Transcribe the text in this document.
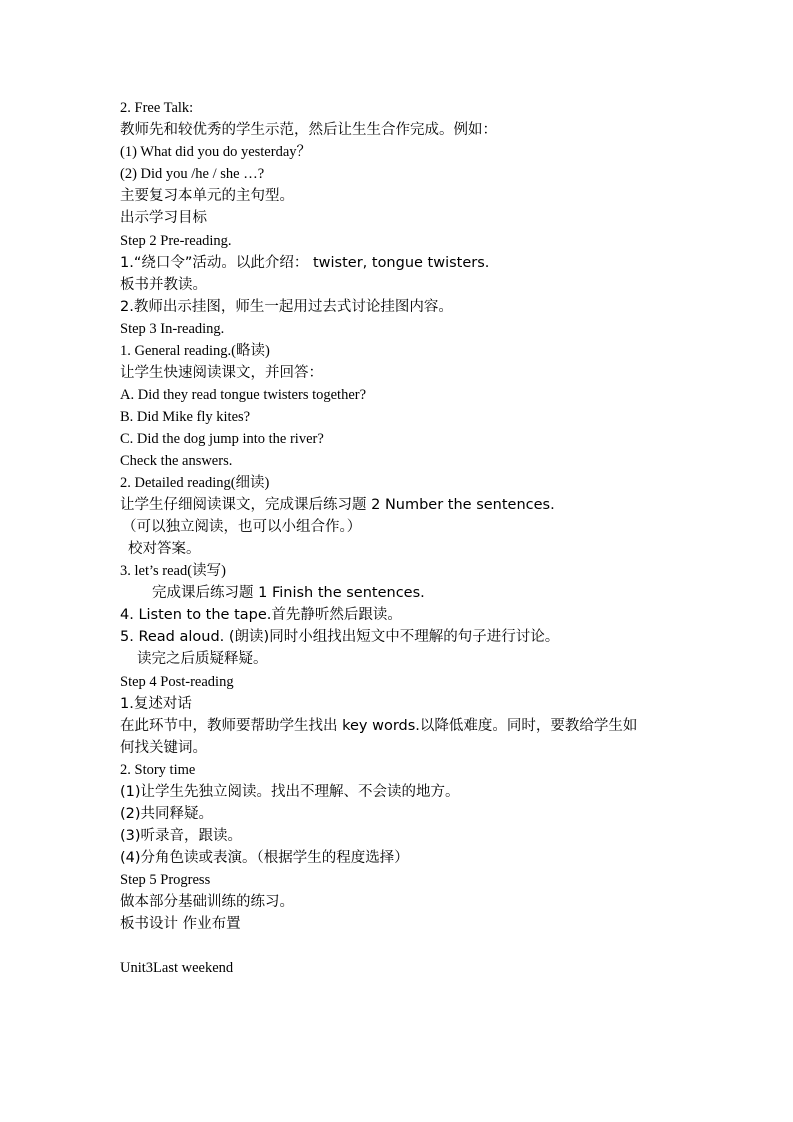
2. Free Talk:
教师先和较优秀的学生示范，然后让生生合作完成。例如：
(1) What did you do yesterday？
(2) Did you /he / she …?
主要复习本单元的主句型。
出示学习目标
Step 2 Pre-reading.
1.“绕口令”活动。以此介绍： twister, tongue twisters.
板书并教读。
2.教师出示挂图，师生一起用过去式讨论挂图内容。
Step 3 In-reading.
1. General reading.(略读)
让学生快速阅读课文，并回答：
A. Did they read tongue twisters together?
B. Did Mike fly kites?
C. Did the dog jump into the river?
Check the answers.
2. Detailed reading(细读)
让学生仔细阅读课文，完成课后练习题 2 Number the sentences.
（可以独立阅读，也可以小组合作。）
校对答案。
3. let’s read(读写)
完成课后练习题 1 Finish the sentences.
4. Listen to the tape.首先静听然后跟读。
5. Read aloud. (朗读)同时小组找出短文中不理解的句子进行讨论。
读完之后质疑释疑。
Step 4 Post-reading
1.复述对话
在此环节中，教师要帮助学生找出 key words.以降低难度。同时，要教给学生如
何找关键词。
2. Story time
(1)让学生先独立阅读。找出不理解、不会读的地方。
(2)共同释疑。
(3)听录音，跟读。
(4)分角色读或表演。（根据学生的程度选择）
Step 5 Progress
做本部分基础训练的练习。
板书设计 作业布置
Unit3Last weekend
